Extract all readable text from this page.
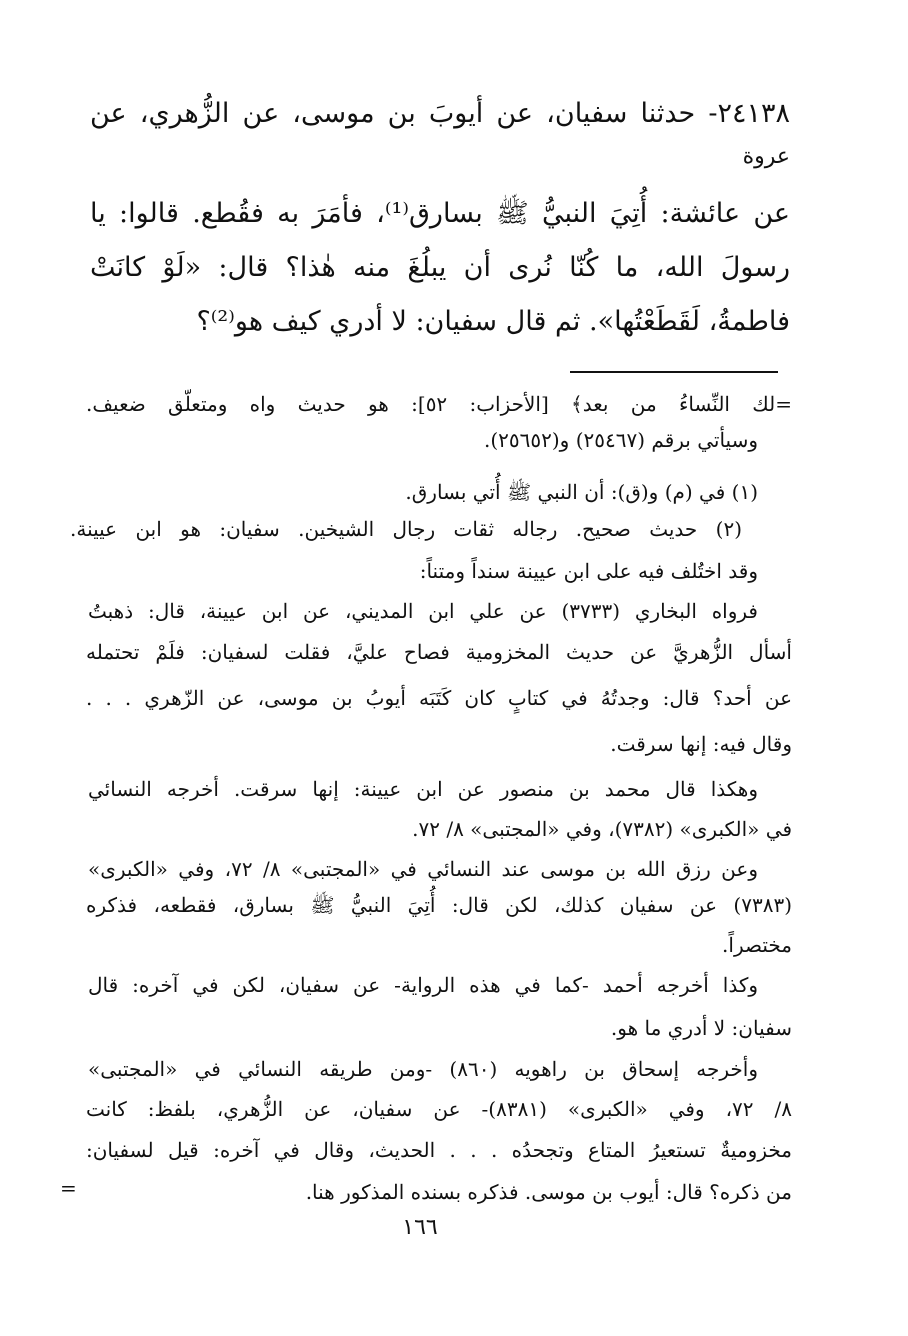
٢٤١٣٨- حدثنا سفيان، عن أيوبَ بن موسى، عن الزُّهري، عن

عروة

عن عائشة: أُتِيَ النبيُّ ﷺ بسارق⁽¹⁾، فأمَرَ به فقُطع. قالوا: يا

رسولَ الله، ما كُنّا نُرى أن يبلُغَ منه هٰذا؟ قال: «لَوْ كانَتْ

فاطمةُ، لَقَطَعْتُها». ثم قال سفيان: لا أدري كيف هو⁽²⁾؟

=لك النِّساءُ من بعد﴾ [الأحزاب: ٥٢]: هو حديث واه ومتعلّق ضعيف.

وسيأتي برقم (٢٥٤٦٧) و(٢٥٦٥٢).

(١) في (م) و(ق): أن النبي ﷺ أُتي بسارق.

(٢) حديث صحيح. رجاله ثقات رجال الشيخين. سفيان: هو ابن عيينة.

وقد اختُلف فيه على ابن عيينة سنداً ومتناً:

فرواه البخاري (٣٧٣٣) عن علي ابن المديني، عن ابن عيينة، قال: ذهبتُ

أسأل الزُّهريَّ عن حديث المخزومية فصاح عليَّ، فقلت لسفيان: فلَمْ تحتمله

عن أحد؟ قال: وجدتُهُ في كتابٍ كان كَتَبَه أيوبُ بن موسى، عن الزّهري . . .

وقال فيه: إنها سرقت.

وهكذا قال محمد بن منصور عن ابن عيينة: إنها سرقت. أخرجه النسائي

في «الكبرى» (٧٣٨٢)، وفي «المجتبى» ٨/ ٧٢.

وعن رزق الله بن موسى عند النسائي في «المجتبى» ٨/ ٧٢، وفي «الكبرى»

(٧٣٨٣) عن سفيان كذلك، لكن قال: أُتِيَ النبيُّ ﷺ بسارق، فقطعه، فذكره

مختصراً.

وكذا أخرجه أحمد -كما في هذه الرواية- عن سفيان، لكن في آخره: قال

سفيان: لا أدري ما هو.

وأخرجه إسحاق بن راهويه (٨٦٠) -ومن طريقه النسائي في «المجتبى»

٨/ ٧٢، وفي «الكبرى» (٨٣٨١)- عن سفيان، عن الزُّهري، بلفظ: كانت

مخزوميةٌ تستعيرُ المتاع وتجحدُه . . . الحديث، وقال في آخره: قيل لسفيان:

من ذكره؟ قال: أيوب بن موسى. فذكره بسنده المذكور هنا.

=
١٦٦
